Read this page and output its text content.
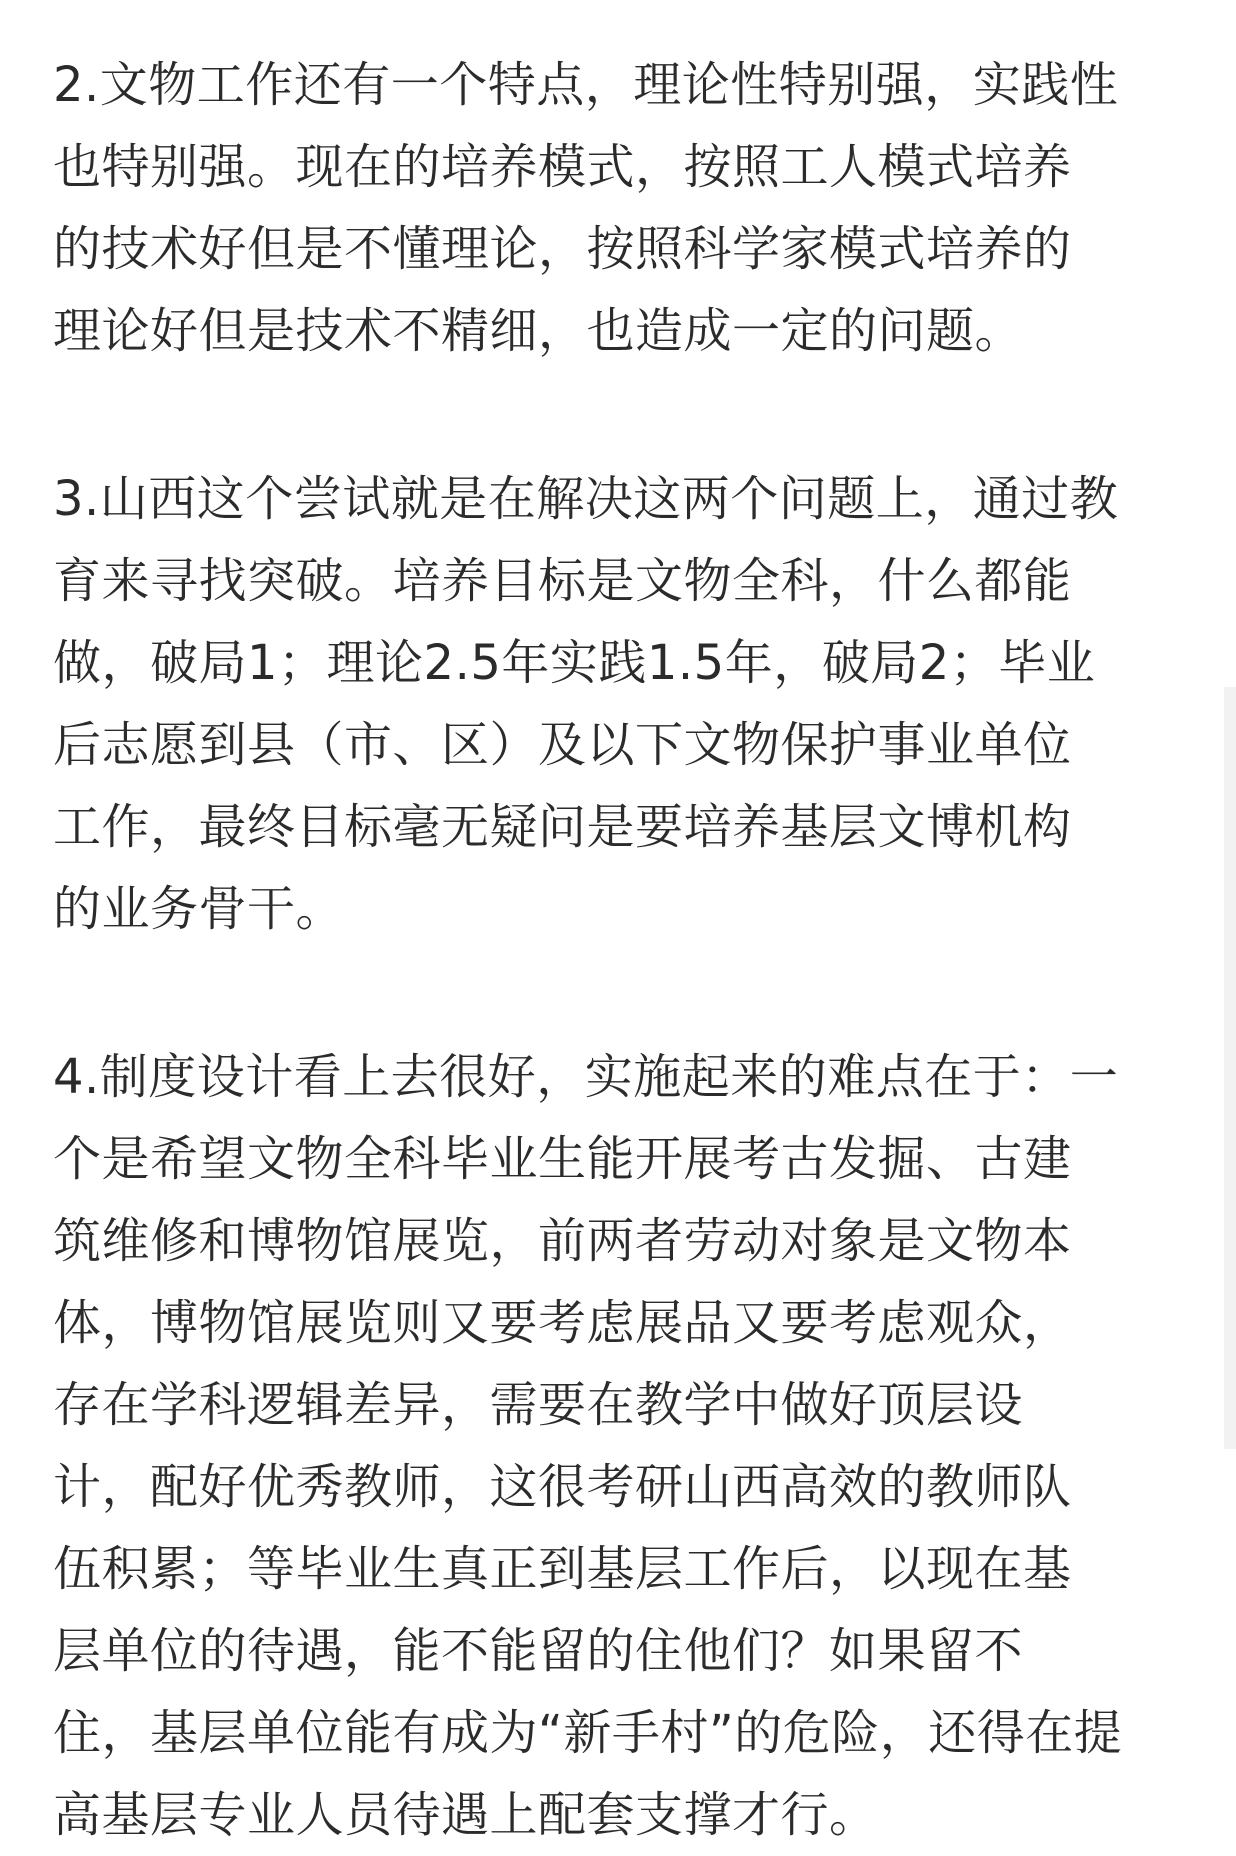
2.文物工作还有一个特点，理论性特别强，实践性
也特别强。现在的培养模式，按照工人模式培养
的技术好但是不懂理论，按照科学家模式培养的
理论好但是技术不精细，也造成一定的问题。

3.山西这个尝试就是在解决这两个问题上，通过教
育来寻找突破。培养目标是文物全科，什么都能
做，破局1；理论2.5年实践1.5年，破局2；毕业
后志愿到县（市、区）及以下文物保护事业单位
工作，最终目标毫无疑问是要培养基层文博机构
的业务骨干。

4.制度设计看上去很好，实施起来的难点在于：一
个是希望文物全科毕业生能开展考古发掘、古建
筑维修和博物馆展览，前两者劳动对象是文物本
体，博物馆展览则又要考虑展品又要考虑观众，
存在学科逻辑差异，需要在教学中做好顶层设
计，配好优秀教师，这很考研山西高效的教师队
伍积累；等毕业生真正到基层工作后，以现在基
层单位的待遇，能不能留的住他们？如果留不
住，基层单位能有成为“新手村”的危险，还得在提
高基层专业人员待遇上配套支撑才行。
